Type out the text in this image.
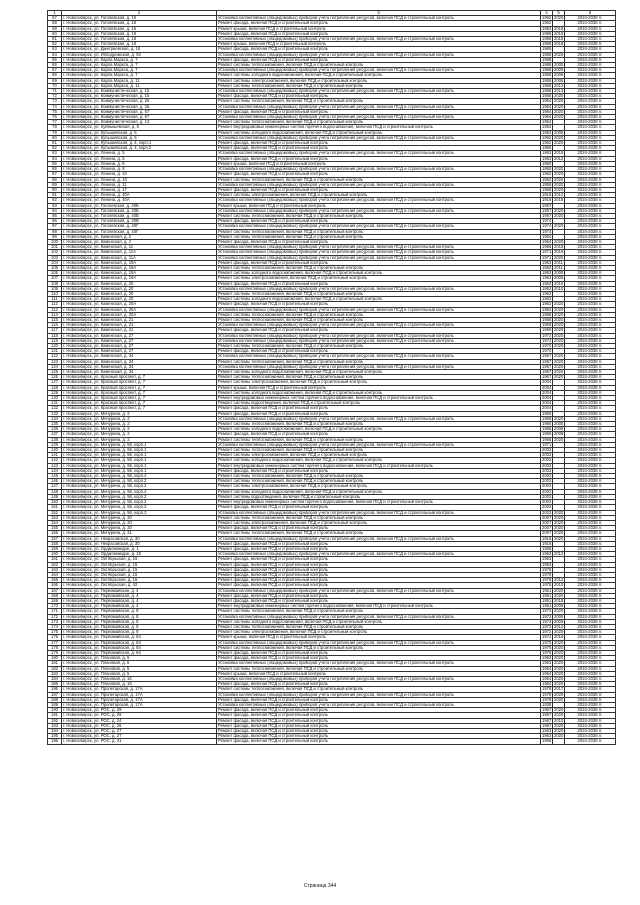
1	2	3	4	5	6
57	г. Новосибирск, ул. Гоголевская, д. 16	Установка коллективных (общедомовых) приборов учета потребления ресурсов, включая ПСД и строительный контроль	1962	2020	2024-2038 гг.
58	г. Новосибирск, ул. Гоголевская, д. 16	Ремонт фасада, включая ПСД и строительный контроль	1962		2024-2038 гг.
59	г. Новосибирск, ул. Гоголевская, д. 16	Ремонт крыши, включая ПСД и строительный контроль	1962	2018	2024-2038 гг.
60	г. Новосибирск, ул. Гоголевская, д. 18	Ремонт фасада, включая ПСД и строительный контроль	1958	2015	2024-2038 гг.
61	г. Новосибирск, ул. Гоголевская, д. 18	Установка коллективных (общедомовых) приборов учета потребления ресурсов, включая ПСД и строительный контроль	1958	2018	2024-2038 гг.
62	г. Новосибирск, ул. Гоголевская, д. 18	Ремонт крыши, включая ПСД и строительный контроль	1958	2018	2024-2038 гг.
63	г. Новосибирск, ул. Дмитриевская, д. 18	Ремонт фасада, включая ПСД и строительный контроль	1965		2024-2038 гг.
64	г. Новосибирск, ул. Ипподромская, д. 64	Установка коллективных (общедомовых) приборов учета потребления ресурсов, включая ПСД и строительный контроль	1966	2020	2024-2038 гг.
65	г. Новосибирск, ул. Карла Маркса, д. 7	Ремонт фасада, включая ПСД и строительный контроль	1968		2024-2038 гг.
66	г. Новосибирск, ул. Карла Маркса, д. 7	Ремонт системы теплоснабжения, включая ПСД и строительный контроль	1968	2005	2024-2038 гг.
67	г. Новосибирск, ул. Карла Маркса, д. 7	Установка коллективных (общедомовых) приборов учета потребления ресурсов, включая ПСД и строительный контроль	1968	2008	2024-2038 гг.
68	г. Новосибирск, ул. Карла Маркса, д. 7	Ремонт системы холодного водоснабжения, включая ПСД и строительный контроль	1968	2008	2024-2038 гг.
69	г. Новосибирск, ул. Карла Маркса, д. 11	Ремонт системы электроснабжения, включая ПСД и строительный контроль	1958	2006	2024-2038 гг.
70	г. Новосибирск, ул. Карла Маркса, д. 11	Ремонт системы теплоснабжения, включая ПСД и строительный контроль	1958	2012	2024-2038 гг.
71	г. Новосибирск, ул. Коммунистическая, д. 15	Установка коллективных (общедомовых) приборов учета потребления ресурсов, включая ПСД и строительный контроль	1958	2013	2024-2038 гг.
72	г. Новосибирск, ул. Коммунистическая, д. 15	Ремонт фасада, включая ПСД и строительный контроль	1958	2020	2024-2038 гг.
73	г. Новосибирск, ул. Коммунистическая, д. 26	Ремонт системы теплоснабжения, включая ПСД и строительный контроль	1964	2020	2024-2038 гг.
74	г. Новосибирск, ул. Коммунистическая, д. 26	Установка коллективных (общедомовых) приборов учета потребления ресурсов, включая ПСД и строительный контроль	1964	2020	2024-2038 гг.
75	г. Новосибирск, ул. Коммунистическая, д. 67	Ремонт фасада, включая ПСД и строительный контроль	1964	2020	2024-2038 гг.
76	г. Новосибирск, ул. Коммунистическая, д. 67	Установка коллективных (общедомовых) приборов учета потребления ресурсов, включая ПСД и строительный контроль	1964	2020	2024-2038 гг.
77	г. Новосибирск, ул. Коммунистическая, д. 13	Ремонт системы теплоснабжения, включая ПСД и строительный контроль	1964		2024-2038 гг.
78	г. Новосибирск, ул. Куйбышевская, д. 5	Ремонт внутридомовых инженерных систем горячего водоснабжения, включая ПСД и строительный контроль	1962		2024-2038 гг.
79	г. Новосибирск, ул. Кубышевская, д. 5	Ремонт системы холодного водоснабжения, включая ПСД и строительный контроль	1962	2005	2024-2038 гг.
80	г. Новосибирск, ул. Кубышевская, д. 5	Установка коллективных (общедомовых) приборов учета потребления ресурсов, включая ПСД и строительный контроль	1962	2020	2024-2038 гг.
81	г. Новосибирск, ул. Кубышевская, д. 4, корп.1	Ремонт фасада, включая ПСД и строительный контроль	1962	2020	2024-2038 гг.
82	г. Новосибирск, ул. Кубышевская, д. 4, корп.2	Ремонт фасада, включая ПСД и строительный контроль	1966		2024-2038 гг.
83	г. Новосибирск, ул. Ленина, д. 5	Установка коллективных (общедомовых) приборов учета потребления ресурсов, включая ПСД и строительный контроль	1963	2015	2024-2038 гг.
84	г. Новосибирск, ул. Ленина, д. 5	Ремонт фасада, включая ПСД и строительный контроль	1963	2012	2024-2038 гг.
85	г. Новосибирск, ул. Ленина, д. 6	Ремонт крыши, включая ПСД и строительный контроль	1960		2024-2038 гг.
86	г. Новосибирск, ул. Ленина, д. 8	Установка коллективных (общедомовых) приборов учета потребления ресурсов, включая ПСД и строительный контроль	1960	2020	2024-2038 гг.
87	г. Новосибирск, ул. Ленина, д. 10	Ремонт фасада, включая ПСД и строительный контроль	1962	2020	2024-2038 гг.
88	г. Новосибирск, ул. Ленина, д. 10	Ремонт системы теплоснабжения, включая ПСД и строительный контроль	1962	2020	2024-2038 гг.
89	г. Новосибирск, ул. Ленина, д. 11	Установка коллективных (общедомовых) приборов учета потребления ресурсов, включая ПСД и строительный контроль	1958	2020	2024-2038 гг.
90	г. Новосибирск, ул. Ленина, д. 17	Ремонт фасада, включая ПСД и строительный контроль	1958	2020	2024-2038 гг.
91	г. Новосибирск, ул. Ленина, д. 40А	Ремонт системы электроснабжения, включая ПСД и строительный контроль	1916	2012	2024-2038 гг.
92	г. Новосибирск, ул. Ленина, д. 40А	Установка коллективных (общедомовых) приборов учета потребления ресурсов, включая ПСД и строительный контроль	1916	2018	2024-2038 гг.
93	г. Новосибирск, ул. Гоголевская, д. 40Б	Ремонт крыши, включая ПСД и строительный контроль	1957		2024-2038 гг.
94	г. Новосибирск, ул. Гоголевская, д. 40Б	Установка коллективных (общедомовых) приборов учета потребления ресурсов, включая ПСД и строительный контроль	1957	2020	2024-2038 гг.
95	г. Новосибирск, ул. Гоголевская, д. 40Б	Ремонт системы теплоснабжения, включая ПСД и строительный контроль	1957	2020	2024-2038 гг.
96	г. Новосибирск, ул. Гоголевская, д. 40В	Ремонт фасада, включая ПСД и строительный контроль	1974		2024-2038 гг.
97	г. Новосибирск, ул. Гоголевская, д. 40Г	Установка коллективных (общедомовых) приборов учета потребления ресурсов, включая ПСД и строительный контроль	1974	2020	2024-2038 гг.
98	г. Новосибирск, ул. Гоголевская, д. 40Г	Ремонт системы теплоснабжения, включая ПСД и строительный контроль	1974		2024-2038 гг.
99	г. Новосибирск, ул. Каменская, д. 2	Ремонт системы теплоснабжения, включая ПСД и строительный контроль	1954		2024-2038 гг.
100	г. Новосибирск, ул. Каменская, д. 2	Ремонт фасада, включая ПСД и строительный контроль	1954	2020	2024-2038 гг.
101	г. Новосибирск, ул. Каменская, д. 11	Установка коллективных (общедомовых) приборов учета потребления ресурсов, включая ПСД и строительный контроль	1956	2018	2024-2038 гг.
102	г. Новосибирск, ул. Каменская, д. 11А	Установка коллективных (общедомовых) приборов учета потребления ресурсов, включая ПСД и строительный контроль	1971	2016	2024-2038 гг.
103	г. Новосибирск, ул. Каменская, д. 11А	Установка коллективных (общедомовых) приборов учета потребления ресурсов, включая ПСД и строительный контроль	1971	2020	2024-2038 гг.
104	г. Новосибирск, ул. Каменская, д. 19А	Ремонт фасада, включая ПСД и строительный контроль	1963	2011	2024-2038 гг.
105	г. Новосибирск, ул. Каменская, д. 19А	Ремонт системы теплоснабжения, включая ПСД и строительный контроль	1963	2011	2024-2038 гг.
106	г. Новосибирск, ул. Каменская, д. 19А	Ремонт системы холодного водоснабжения, включая ПСД и строительный контроль	1963	2008	2024-2038 гг.
107	г. Новосибирск, ул. Каменская, д. 19А	Ремонт системы электроснабжения, включая ПСД и строительный контроль	1963	2008	2024-2038 гг.
108	г. Новосибирск, ул. Каменская, д. 20	Ремонт фасада, включая ПСД и строительный контроль	1963	2010	2024-2038 гг.
109	г. Новосибирск, ул. Каменская, д. 20	Установка коллективных (общедомовых) приборов учета потребления ресурсов, включая ПСД и строительный контроль	1962	2010	2024-2038 гг.
110	г. Новосибирск, ул. Каменская, д. 20	Ремонт системы теплоснабжения, включая ПСД и строительный контроль	1962		2024-2038 гг.
111	г. Новосибирск, ул. Каменская, д. 20	Ремонт системы холодного водоснабжения, включая ПСД и строительный контроль	1962		2024-2038 гг.
112	г. Новосибирск, ул. Каменская, д. 20А	Ремонт фасада, включая ПСД и строительный контроль	1962	2020	2024-2038 гг.
113	г. Новосибирск, ул. Каменская, д. 20А	Установка коллективных (общедомовых) приборов учета потребления ресурсов, включая ПСД и строительный контроль	1962	2020	2024-2038 гг.
114	г. Новосибирск, ул. Каменская, д. 20А	Ремонт системы теплоснабжения, включая ПСД и строительный контроль	1958	2020	2024-2038 гг.
115	г. Новосибирск, ул. Каменская, д. 21	Ремонт системы теплоснабжения, включая ПСД и строительный контроль	1958	2020	2024-2038 гг.
116	г. Новосибирск, ул. Каменская, д. 21	Установка коллективных (общедомовых) приборов учета потребления ресурсов, включая ПСД и строительный контроль	1959	2020	2024-2038 гг.
117	г. Новосибирск, ул. Каменская, д. 21	Ремонт фасада, включая ПСД и строительный контроль	1959	2020	2024-2038 гг.
118	г. Новосибирск, ул. Каменская, д. 27	Установка коллективных (общедомовых) приборов учета потребления ресурсов, включая ПСД и строительный контроль	1972	2020	2024-2038 гг.
119	г. Новосибирск, ул. Каменская, д. 27	Установка коллективных (общедомовых) приборов учета потребления ресурсов, включая ПСД и строительный контроль	1972	2020	2024-2038 гг.
120	г. Новосибирск, ул. Каменская, д. 27	Ремонт системы теплоснабжения, включая ПСД и строительный контроль	1970	2020	2024-2038 гг.
121	г. Новосибирск, ул. Каменская, д. 27	Ремонт фасада, включая ПСД и строительный контроль	1970		2024-2038 гг.
122	г. Новосибирск, ул. Каменская, д. 34	Установка коллективных (общедомовых) приборов учета потребления ресурсов, включая ПСД и строительный контроль	1967	2020	2024-2038 гг.
123	г. Новосибирск, ул. Каменская, д. 34	Ремонт системы теплоснабжения, включая ПСД и строительный контроль	1967	2020	2024-2038 гг.
124	г. Новосибирск, ул. Каменская, д. 34	Установка коллективных (общедомовых) приборов учета потребления ресурсов, включая ПСД и строительный контроль	1967	2020	2024-2038 гг.
125	г. Новосибирск, ул. Каменская, д. 34	Ремонт системы холодного водоснабжения, включая ПСД и строительный контроль	1967	2020	2024-2038 гг.
126	г. Новосибирск, ул. Красный проспект, д. 7	Ремонт системы теплоснабжения, включая ПСД и строительный контроль	1967	2020	2024-2038 гг.
127	г. Новосибирск, ул. Красный проспект, д. 7	Ремонт системы электроснабжения, включая ПСД и строительный контроль	2004		2024-2038 гг.
128	г. Новосибирск, ул. Красный проспект, д. 7	Ремонт крыши, включая ПСД и строительный контроль	2004		2024-2038 гг.
129	г. Новосибирск, ул. Красный проспект, д. 7	Ремонт системы холодного водоснабжения, включая ПСД и строительный контроль	2004		2024-2038 гг.
130	г. Новосибирск, ул. Красный проспект, д. 7	Ремонт внутридомовых инженерных систем горячего водоснабжения, включая ПСД и строительный контроль	2004		2024-2038 гг.
131	г. Новосибирск, ул. Красный проспект, д. 7	Ремонт системы водоотведения, включая ПСД и строительный контроль	2004		2024-2038 гг.
132	г. Новосибирск, ул. Красный проспект, д. 7	Ремонт фасада, включая ПСД и строительный контроль	2004		2024-2038 гг.
133	г. Новосибирск, ул. Мичурина, д. 2	Ремонт фасада, включая ПСД и строительный контроль	1959		2024-2038 гг.
134	г. Новосибирск, ул. Мичурина, д. 2	Установка коллективных (общедомовых) приборов учета потребления ресурсов, включая ПСД и строительный контроль	1959	2020	2024-2038 гг.
135	г. Новосибирск, ул. Мичурина, д. 2	Ремонт системы теплоснабжения, включая ПСД и строительный контроль	1965	2005	2024-2038 гг.
136	г. Новосибирск, ул. Мичурина, д. 2	Ремонт системы холодного водоснабжения, включая ПСД и строительный контроль	1965	2008	2024-2038 гг.
137	г. Новосибирск, ул. Мичурина, д. 2	Ремонт фасада, включая ПСД и строительный контроль	1965	2008	2024-2038 гг.
138	г. Новосибирск, ул. Мичурина, д. 2	Ремонт системы теплоснабжения, включая ПСД и строительный контроль	1965	2020	2024-2038 гг.
139	г. Новосибирск, ул. Мичурина, д. 56, корп.1	Установка коллективных (общедомовых) приборов учета потребления ресурсов, включая ПСД и строительный контроль	1971		2024-2038 гг.
140	г. Новосибирск, ул. Мичурина, д. 56, корп.1	Ремонт системы теплоснабжения, включая ПСД и строительный контроль	2002		2024-2038 гг.
141	г. Новосибирск, ул. Мичурина, д. 56, корп.1	Ремонт системы электроснабжения, включая ПСД и строительный контроль	2002		2024-2038 гг.
142	г. Новосибирск, ул. Мичурина, д. 56, корп.1	Ремонт системы холодного водоснабжения, включая ПСД и строительный контроль	2002		2024-2038 гг.
143	г. Новосибирск, ул. Мичурина, д. 56, корп.1	Ремонт внутридомовых инженерных систем горячего водоснабжения, включая ПСД и строительный контроль	2002		2024-2038 гг.
144	г. Новосибирск, ул. Мичурина, д. 56, корп.1	Ремонт фасада, включая ПСД и строительный контроль	2002		2024-2038 гг.
145	г. Новосибирск, ул. Мичурина, д. 56, корп.2	Ремонт системы теплоснабжения, включая ПСД и строительный контроль	2002		2024-2038 гг.
146	г. Новосибирск, ул. Мичурина, д. 56, корп.2	Ремонт системы теплоснабжения, включая ПСД и строительный контроль	2002		2024-2038 гг.
147	г. Новосибирск, ул. Мичурина, д. 56, корп.2	Ремонт системы электроснабжения, включая ПСД и строительный контроль	2002		2024-2038 гг.
148	г. Новосибирск, ул. Мичурина, д. 56, корп.2	Ремонт системы холодного водоснабжения, включая ПСД и строительный контроль	2002		2024-2038 гг.
149	г. Новосибирск, ул. Мичурина, д. 56, корп.2	Ремонт системы водоотведения, включая ПСД и строительный контроль	2002		2024-2038 гг.
150	г. Новосибирск, ул. Мичурина, д. 56, корп.2	Ремонт внутридомовых инженерных систем горячего водоснабжения, включая ПСД и строительный контроль	2002		2024-2038 гг.
151	г. Новосибирск, ул. Мичурина, д. 56, корп.2	Ремонт фасада, включая ПСД и строительный контроль	2002		2024-2038 гг.
152	г. Новосибирск, ул. Мичурина, д. 56, корп.2	Установка коллективных (общедомовых) приборов учета потребления ресурсов, включая ПСД и строительный контроль	2002	2020	2024-2038 гг.
153	г. Новосибирск, ул. Мичурина, д. 20	Ремонт системы теплоснабжения, включая ПСД и строительный контроль	2007	2020	2024-2038 гг.
154	г. Новосибирск, ул. Мичурина, д. 20	Ремонт системы электроснабжения, включая ПСД и строительный контроль	2007	2020	2024-2038 гг.
155	г. Новосибирск, ул. Мичурина, д. 20	Ремонт фасада, включая ПСД и строительный контроль	2007	2020	2024-2038 гг.
156	г. Новосибирск, ул. Мичурина, д. 21	Ремонт системы теплоснабжения, включая ПСД и строительный контроль	2007	2020	2024-2038 гг.
157	г. Новосибирск, ул. Некрасовская, д. 30	Установка коллективных (общедомовых) приборов учета потребления ресурсов, включая ПСД и строительный контроль	1916	2020	2024-2038 гг.
158	г. Новосибирск, ул. Некрасовская, д. 30	Ремонт фасада, включая ПСД и строительный контроль	1916		2024-2038 гг.
159	г. Новосибирск, ул. Орджоникидзе, д. 1	Ремонт фасада, включая ПСД и строительный контроль	1958		2024-2038 гг.
160	г. Новосибирск, ул. Орджоникидзе, д. 15	Установка коллективных (общедомовых) приборов учета потребления ресурсов, включая ПСД и строительный контроль	1963	2012	2024-2038 гг.
161	г. Новосибирск, ул. Октябрьская, д. 15	Ремонт фасада, включая ПСД и строительный контроль	1963		2024-2038 гг.
162	г. Новосибирск, ул. Октябрьская, д. 15	Ремонт фасада, включая ПСД и строительный контроль	1963		2024-2038 гг.
163	г. Новосибирск, ул. Октябрьская, д. 15	Ремонт фасада, включая ПСД и строительный контроль	1978		2024-2038 гг.
164	г. Новосибирск, ул. Октябрьская, д. 15	Ремонт фасада, включая ПСД и строительный контроль	1978		2024-2038 гг.
165	г. Новосибирск, ул. Октябрьская, д. 15	Ремонт фасада, включая ПСД и строительный контроль	1978	2012	2024-2038 гг.
166	г. Новосибирск, ул. Октябрьская, д. 42	Ремонт фасада, включая ПСД и строительный контроль	1976	2010	2024-2038 гг.
167	г. Новосибирск, ул. Первомайская, д. 4	Установка коллективных (общедомовых) приборов учета потребления ресурсов, включая ПСД и строительный контроль	1951	2020	2024-2038 гг.
168	г. Новосибирск, ул. Первомайская, д. 4	Ремонт фасада, включая ПСД и строительный контроль	1951	2020	2024-2038 гг.
169	г. Новосибирск, ул. Первомайская, д. 4	Ремонт фасада, включая ПСД и строительный контроль	1951	2018	2024-2038 гг.
170	г. Новосибирск, ул. Первомайская, д. 4	Ремонт внутридомовых инженерных систем горячего водоснабжения, включая ПСД и строительный контроль	1951	2008	2024-2038 гг.
171	г. Новосибирск, ул. Первомайская, д. 8	Ремонт системы теплоснабжения, включая ПСД и строительный контроль	1973	2020	2024-2038 гг.
172	г. Новосибирск, ул. Первомайская, д. 8	Установка коллективных (общедомовых) приборов учета потребления ресурсов, включая ПСД и строительный контроль	1973	2009	2024-2038 гг.
173	г. Новосибирск, ул. Первомайская, д. 8	Ремонт системы холодного водоснабжения, включая ПСД и строительный контроль	1973	2008	2024-2038 гг.
174	г. Новосибирск, ул. Первомайская, д. 8	Ремонт системы теплоснабжения, включая ПСД и строительный контроль	1972	2012	2024-2038 гг.
175	г. Новосибирск, ул. Первомайская, д. 8	Ремонт системы электроснабжения, включая ПСД и строительный контроль	1972	2020	2024-2038 гг.
176	г. Новосибирск, ул. Первомайская, д. 84	Ремонт крыши, включая ПСД и строительный контроль	1972	2016	2024-2038 гг.
177	г. Новосибирск, ул. Первомайская, д. 84	Установка коллективных (общедомовых) приборов учета потребления ресурсов, включая ПСД и строительный контроль	1975	2020	2024-2038 гг.
178	г. Новосибирск, ул. Первомайская, д. 84	Ремонт системы теплоснабжения, включая ПСД и строительный контроль	1975	2020	2024-2038 гг.
179	г. Новосибирск, ул. Первомайская, д. 84	Ремонт фасада, включая ПСД и строительный контроль	1975	2020	2024-2038 гг.
180	г. Новосибирск, ул. Плановая, д. 5	Ремонт фасада, включая ПСД и строительный контроль	1963	2020	2024-2038 гг.
181	г. Новосибирск, ул. Плановая, д. 5	Установка коллективных (общедомовых) приборов учета потребления ресурсов, включая ПСД и строительный контроль	1963	2020	2024-2038 гг.
182	г. Новосибирск, ул. Плановая, д. 5	Ремонт системы теплоснабжения, включая ПСД и строительный контроль	1964	2020	2024-2038 гг.
183	г. Новосибирск, ул. Плановая, д. 5	Ремонт крыши, включая ПСД и строительный контроль	1964	2020	2024-2038 гг.
184	г. Новосибирск, ул. Плановая, д. 16	Установка коллективных (общедомовых) приборов учета потребления ресурсов, включая ПСД и строительный контроль	1964	2020	2024-2038 гг.
185	г. Новосибирск, ул. Плановая, д. 16	Ремонт фасада, включая ПСД и строительный контроль	1964	2020	2024-2038 гг.
186	г. Новосибирск, ул. Пролетарская, д. 17А	Ремонт системы теплоснабжения, включая ПСД и строительный контроль	1978	2017	2024-2038 гг.
187	г. Новосибирск, ул. Пролетарская, д. 17А	Установка коллективных (общедомовых) приборов учета потребления ресурсов, включая ПСД и строительный контроль	1978	2020	2024-2038 гг.
188	г. Новосибирск, ул. Пролетарская, д. 17А	Ремонт фасада, включая ПСД и строительный контроль	1978	2020	2024-2038 гг.
189	г. Новосибирск, ул. Пролетарская, д. 17А	Установка коллективных (общедомовых) приборов учета потребления ресурсов, включая ПСД и строительный контроль	1938		2024-2038 гг.
190	г. Новосибирск, ул. РОС, д. 29	Ремонт фасада, включая ПСД и строительный контроль	1967	2020	2024-2038 гг.
191	г. Новосибирск, ул. РОС, д. 29	Ремонт фасада, включая ПСД и строительный контроль	1967	2020	2024-2038 гг.
192	г. Новосибирск, ул. РОС, д. 24	Ремонт фасада, включая ПСД и строительный контроль	1967	2010	2024-2038 гг.
193	г. Новосибирск, ул. РОС, д. 26	Ремонт фасада, включая ПСД и строительный контроль	1967	2020	2024-2038 гг.
194	г. Новосибирск, ул. РОС, д. 27	Ремонт фасада, включая ПСД и строительный контроль	1963	2020	2024-2038 гг.
195	г. Новосибирск, ул. РОС, д. 27	Ремонт фасада, включая ПСД и строительный контроль	1963	2020	2024-2038 гг.
196	г. Новосибирск, ул. РОС, д. 31	Ремонт фасада, включая ПСД и строительный контроль	1966		2024-2038 гг.
Страница 344
